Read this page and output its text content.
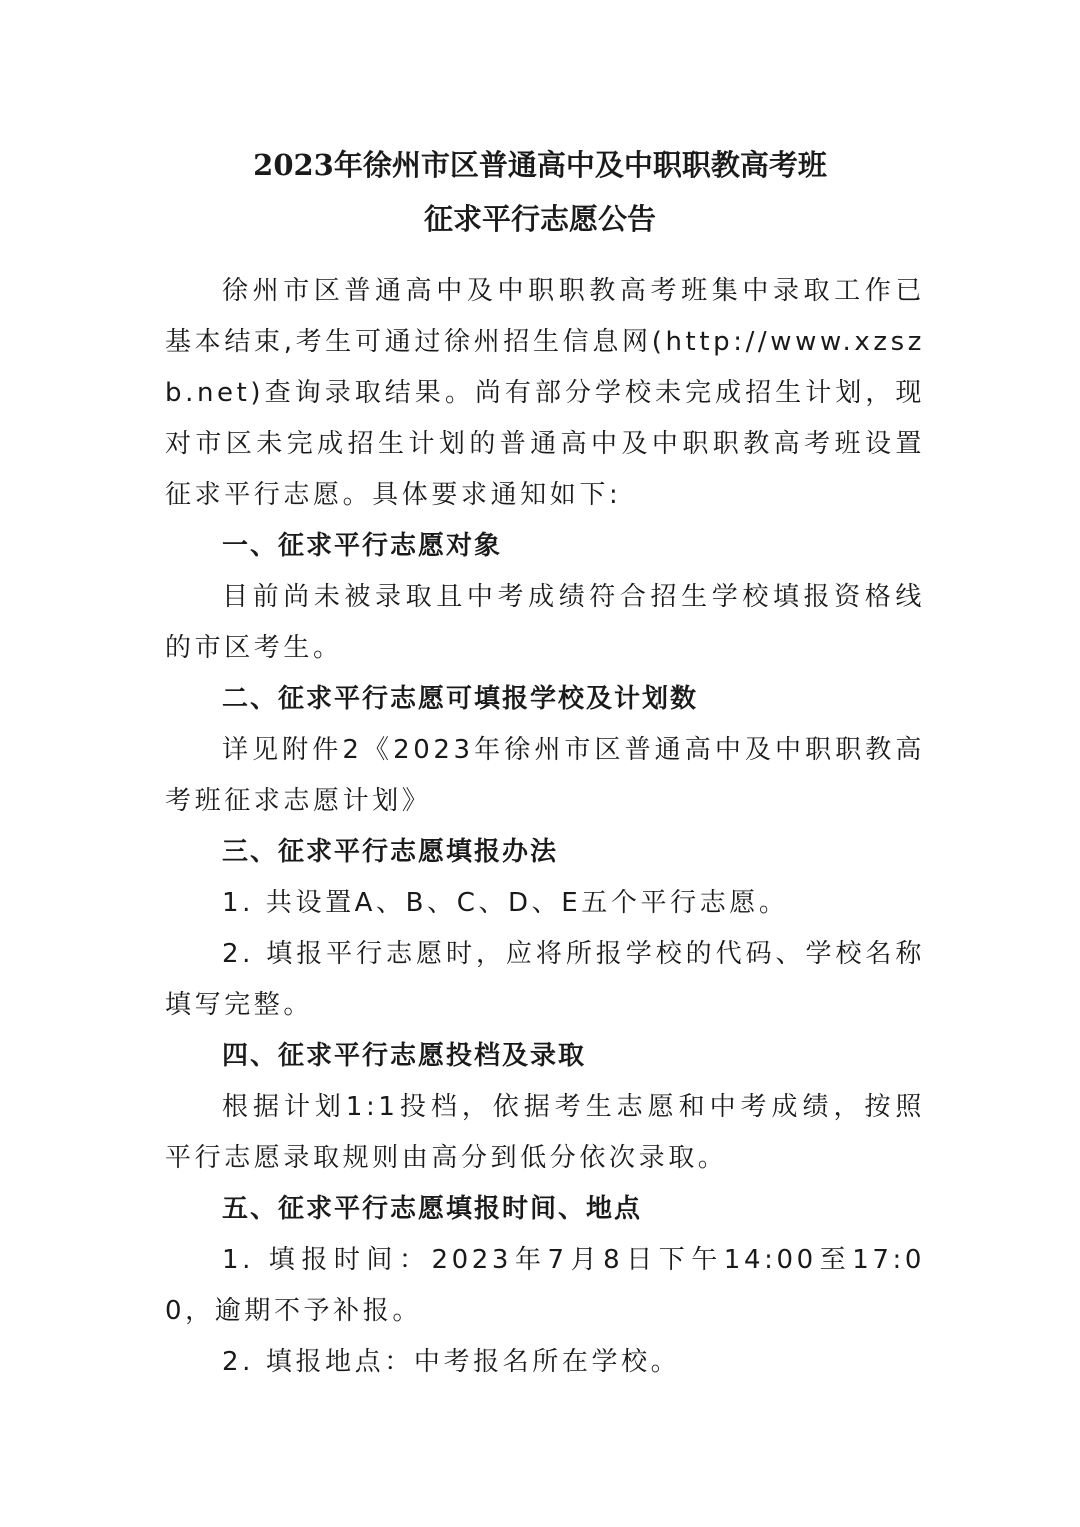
2023年徐州市区普通高中及中职职教高考班
征求平行志愿公告

徐州市区普通高中及中职职教高考班集中录取工作已基本结束,考生可通过徐州招生信息网(http://www.xzszb.net)查询录取结果。尚有部分学校未完成招生计划，现对市区未完成招生计划的普通高中及中职职教高考班设置征求平行志愿。具体要求通知如下:

一、征求平行志愿对象

目前尚未被录取且中考成绩符合招生学校填报资格线的市区考生。

二、征求平行志愿可填报学校及计划数

详见附件2《2023年徐州市区普通高中及中职职教高考班征求志愿计划》

三、征求平行志愿填报办法

1. 共设置A、B、C、D、E五个平行志愿。

2. 填报平行志愿时，应将所报学校的代码、学校名称填写完整。

四、征求平行志愿投档及录取

根据计划1:1投档，依据考生志愿和中考成绩，按照平行志愿录取规则由高分到低分依次录取。

五、征求平行志愿填报时间、地点

1. 填报时间：2023年7月8日下午14:00至17:00，逾期不予补报。

2. 填报地点：中考报名所在学校。
